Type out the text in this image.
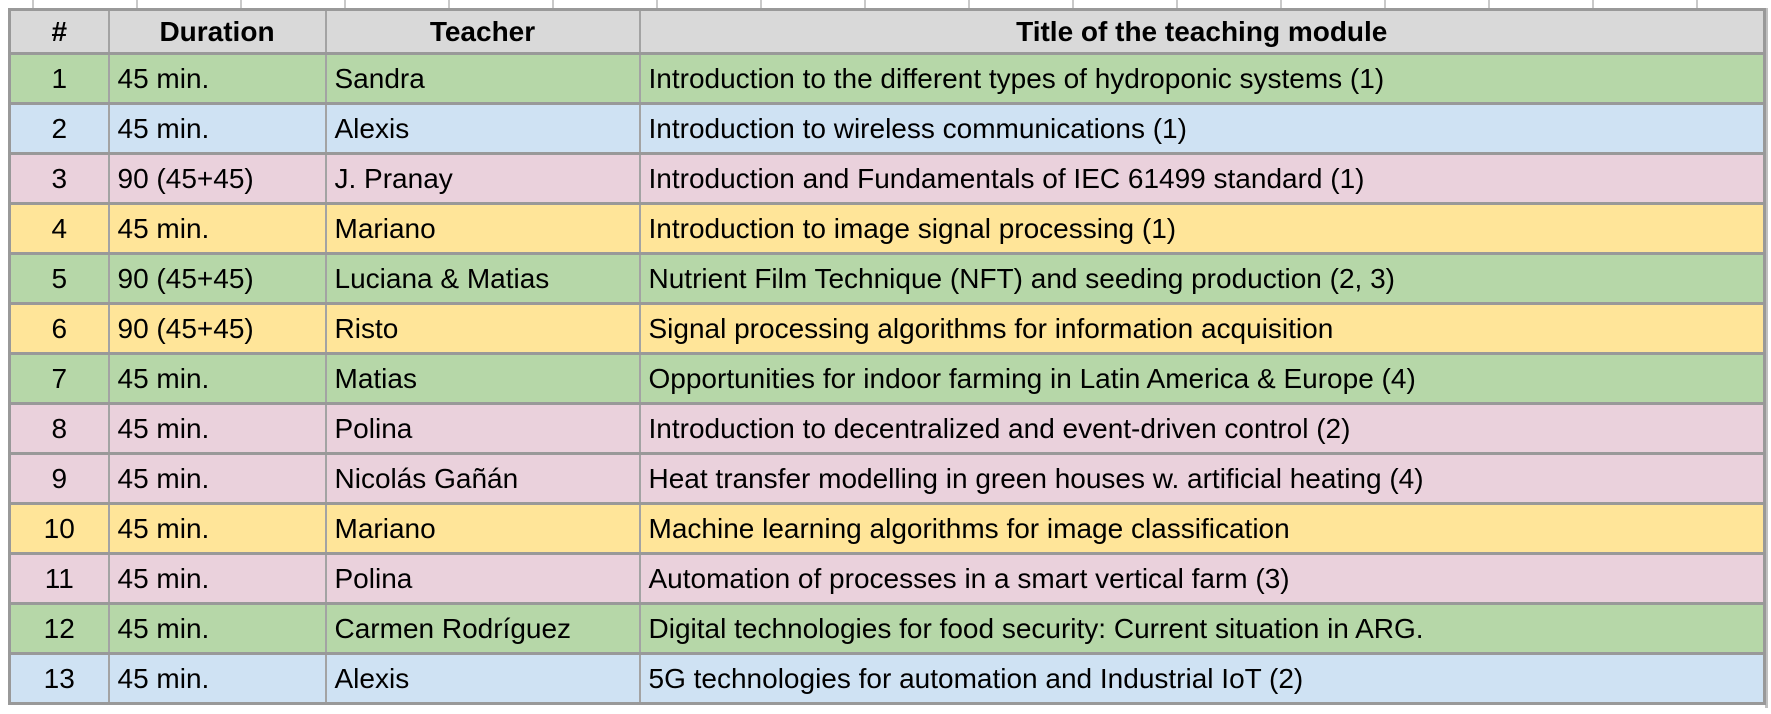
#	Duration	Teacher	Title of the teaching module
1	45 min.	Sandra	Introduction to the different types of hydroponic systems (1)
2	45 min.	Alexis	Introduction to wireless communications (1)
3	90 (45+45)	J. Pranay	Introduction and Fundamentals of IEC 61499 standard (1)
4	45 min.	Mariano	Introduction to image signal processing (1)
5	90 (45+45)	Luciana & Matias	Nutrient Film Technique (NFT) and seeding production (2, 3)
6	90 (45+45)	Risto	Signal processing algorithms for information acquisition
7	45 min.	Matias	Opportunities for indoor farming in Latin America & Europe (4)
8	45 min.	Polina	Introduction to decentralized and event-driven control (2)
9	45 min.	Nicolás Gañán	Heat transfer modelling in green houses w. artificial heating (4)
10	45 min.	Mariano	Machine learning algorithms for image classification
11	45 min.	Polina	Automation of processes in a smart vertical farm (3)
12	45 min.	Carmen Rodríguez	Digital technologies for food security: Current situation in ARG.
13	45 min.	Alexis	5G technologies for automation and Industrial IoT (2)
